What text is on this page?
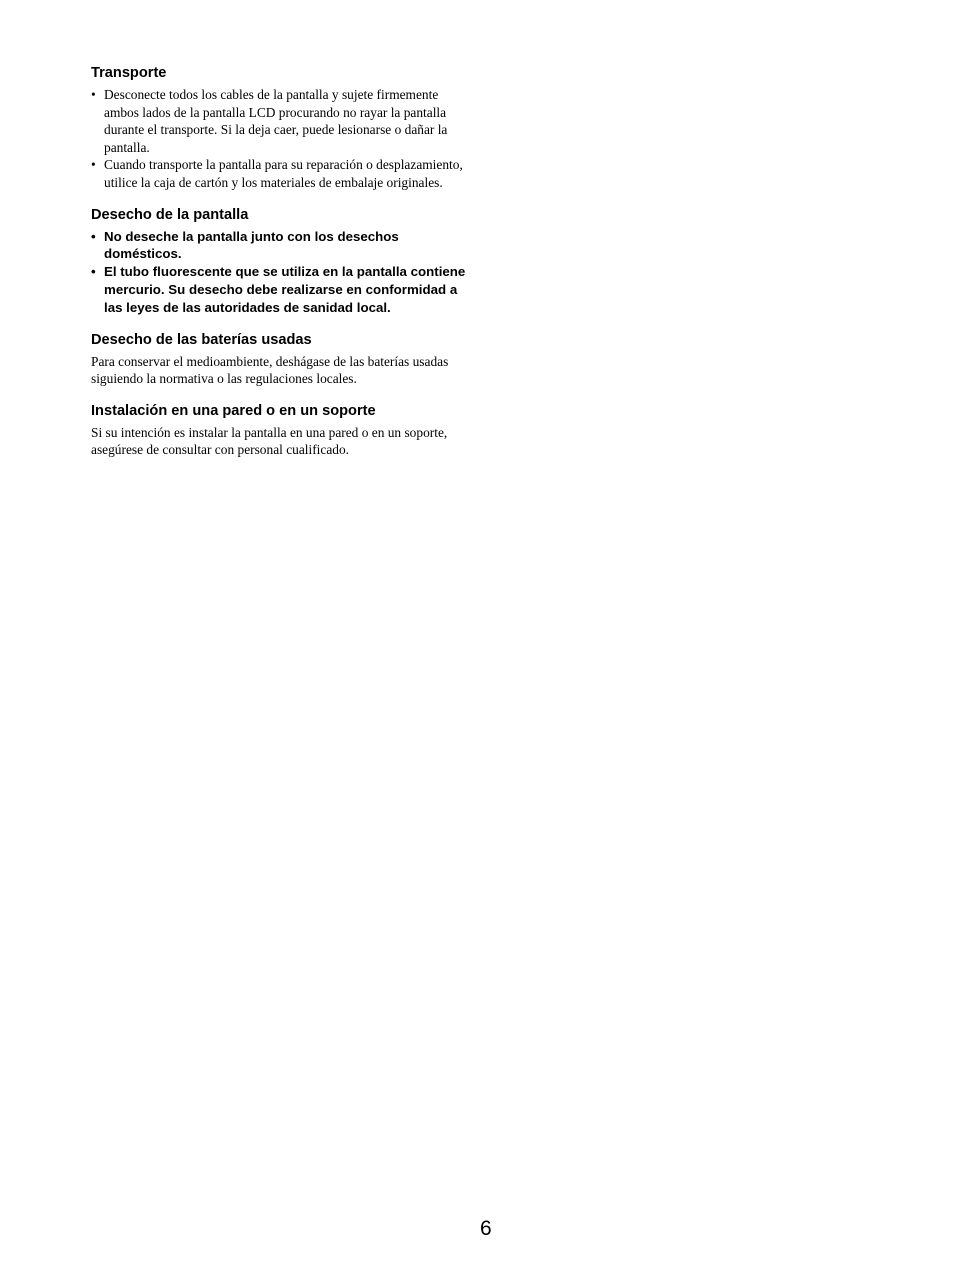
Transporte
• Desconecte todos los cables de la pantalla y sujete firmemente ambos lados de la pantalla LCD procurando no rayar la pantalla durante el transporte. Si la deja caer, puede lesionarse o dañar la pantalla.
• Cuando transporte la pantalla para su reparación o desplazamiento, utilice la caja de cartón y los materiales de embalaje originales.
Desecho de la pantalla
• No deseche la pantalla junto con los desechos domésticos.
• El tubo fluorescente que se utiliza en la pantalla contiene mercurio. Su desecho debe realizarse en conformidad a las leyes de las autoridades de sanidad local.
Desecho de las baterías usadas

Para conservar el medioambiente, deshágase de las baterías usadas siguiendo la normativa o las regulaciones locales.

Instalación en una pared o en un soporte

Si su intención es instalar la pantalla en una pared o en un soporte, asegúrese de consultar con personal cualificado.

6
